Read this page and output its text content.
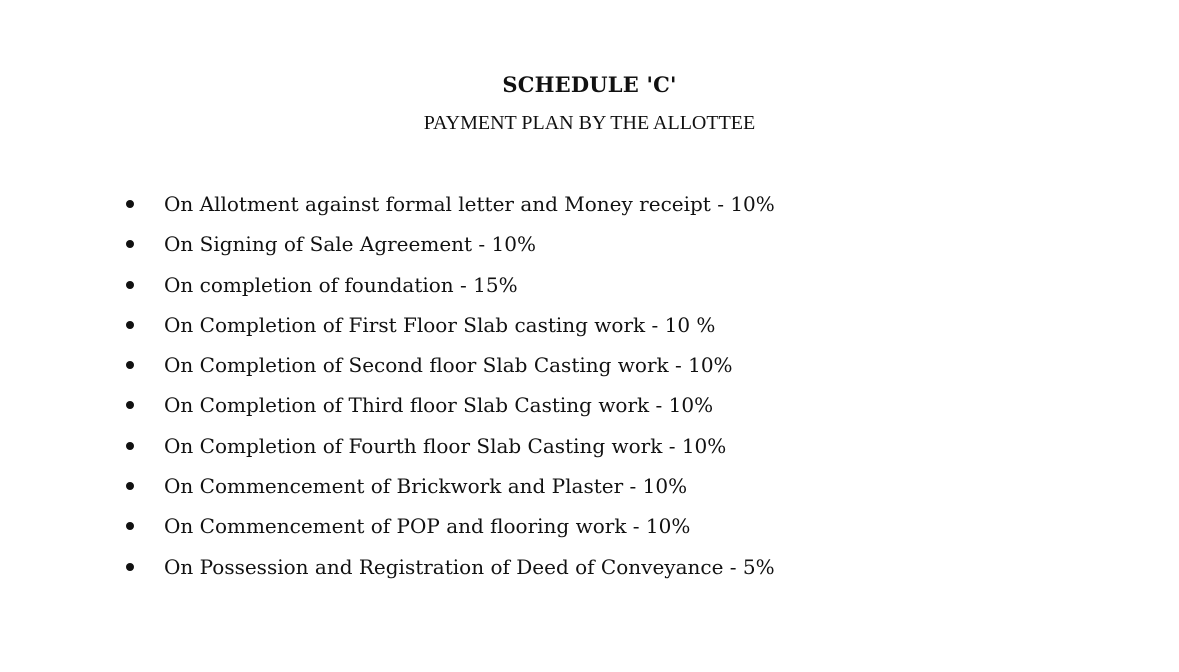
SCHEDULE 'C'
PAYMENT PLAN BY THE ALLOTTEE
On Allotment against formal letter and Money receipt - 10%
On Signing of Sale Agreement - 10%
On completion of foundation - 15%
On Completion of First Floor Slab casting work - 10 %
On Completion of Second floor Slab Casting work - 10%
On Completion of Third floor Slab Casting work - 10%
On Completion of Fourth floor Slab Casting work - 10%
On Commencement of Brickwork and Plaster - 10%
On Commencement of POP and flooring work - 10%
On Possession and Registration of Deed of Conveyance - 5%
